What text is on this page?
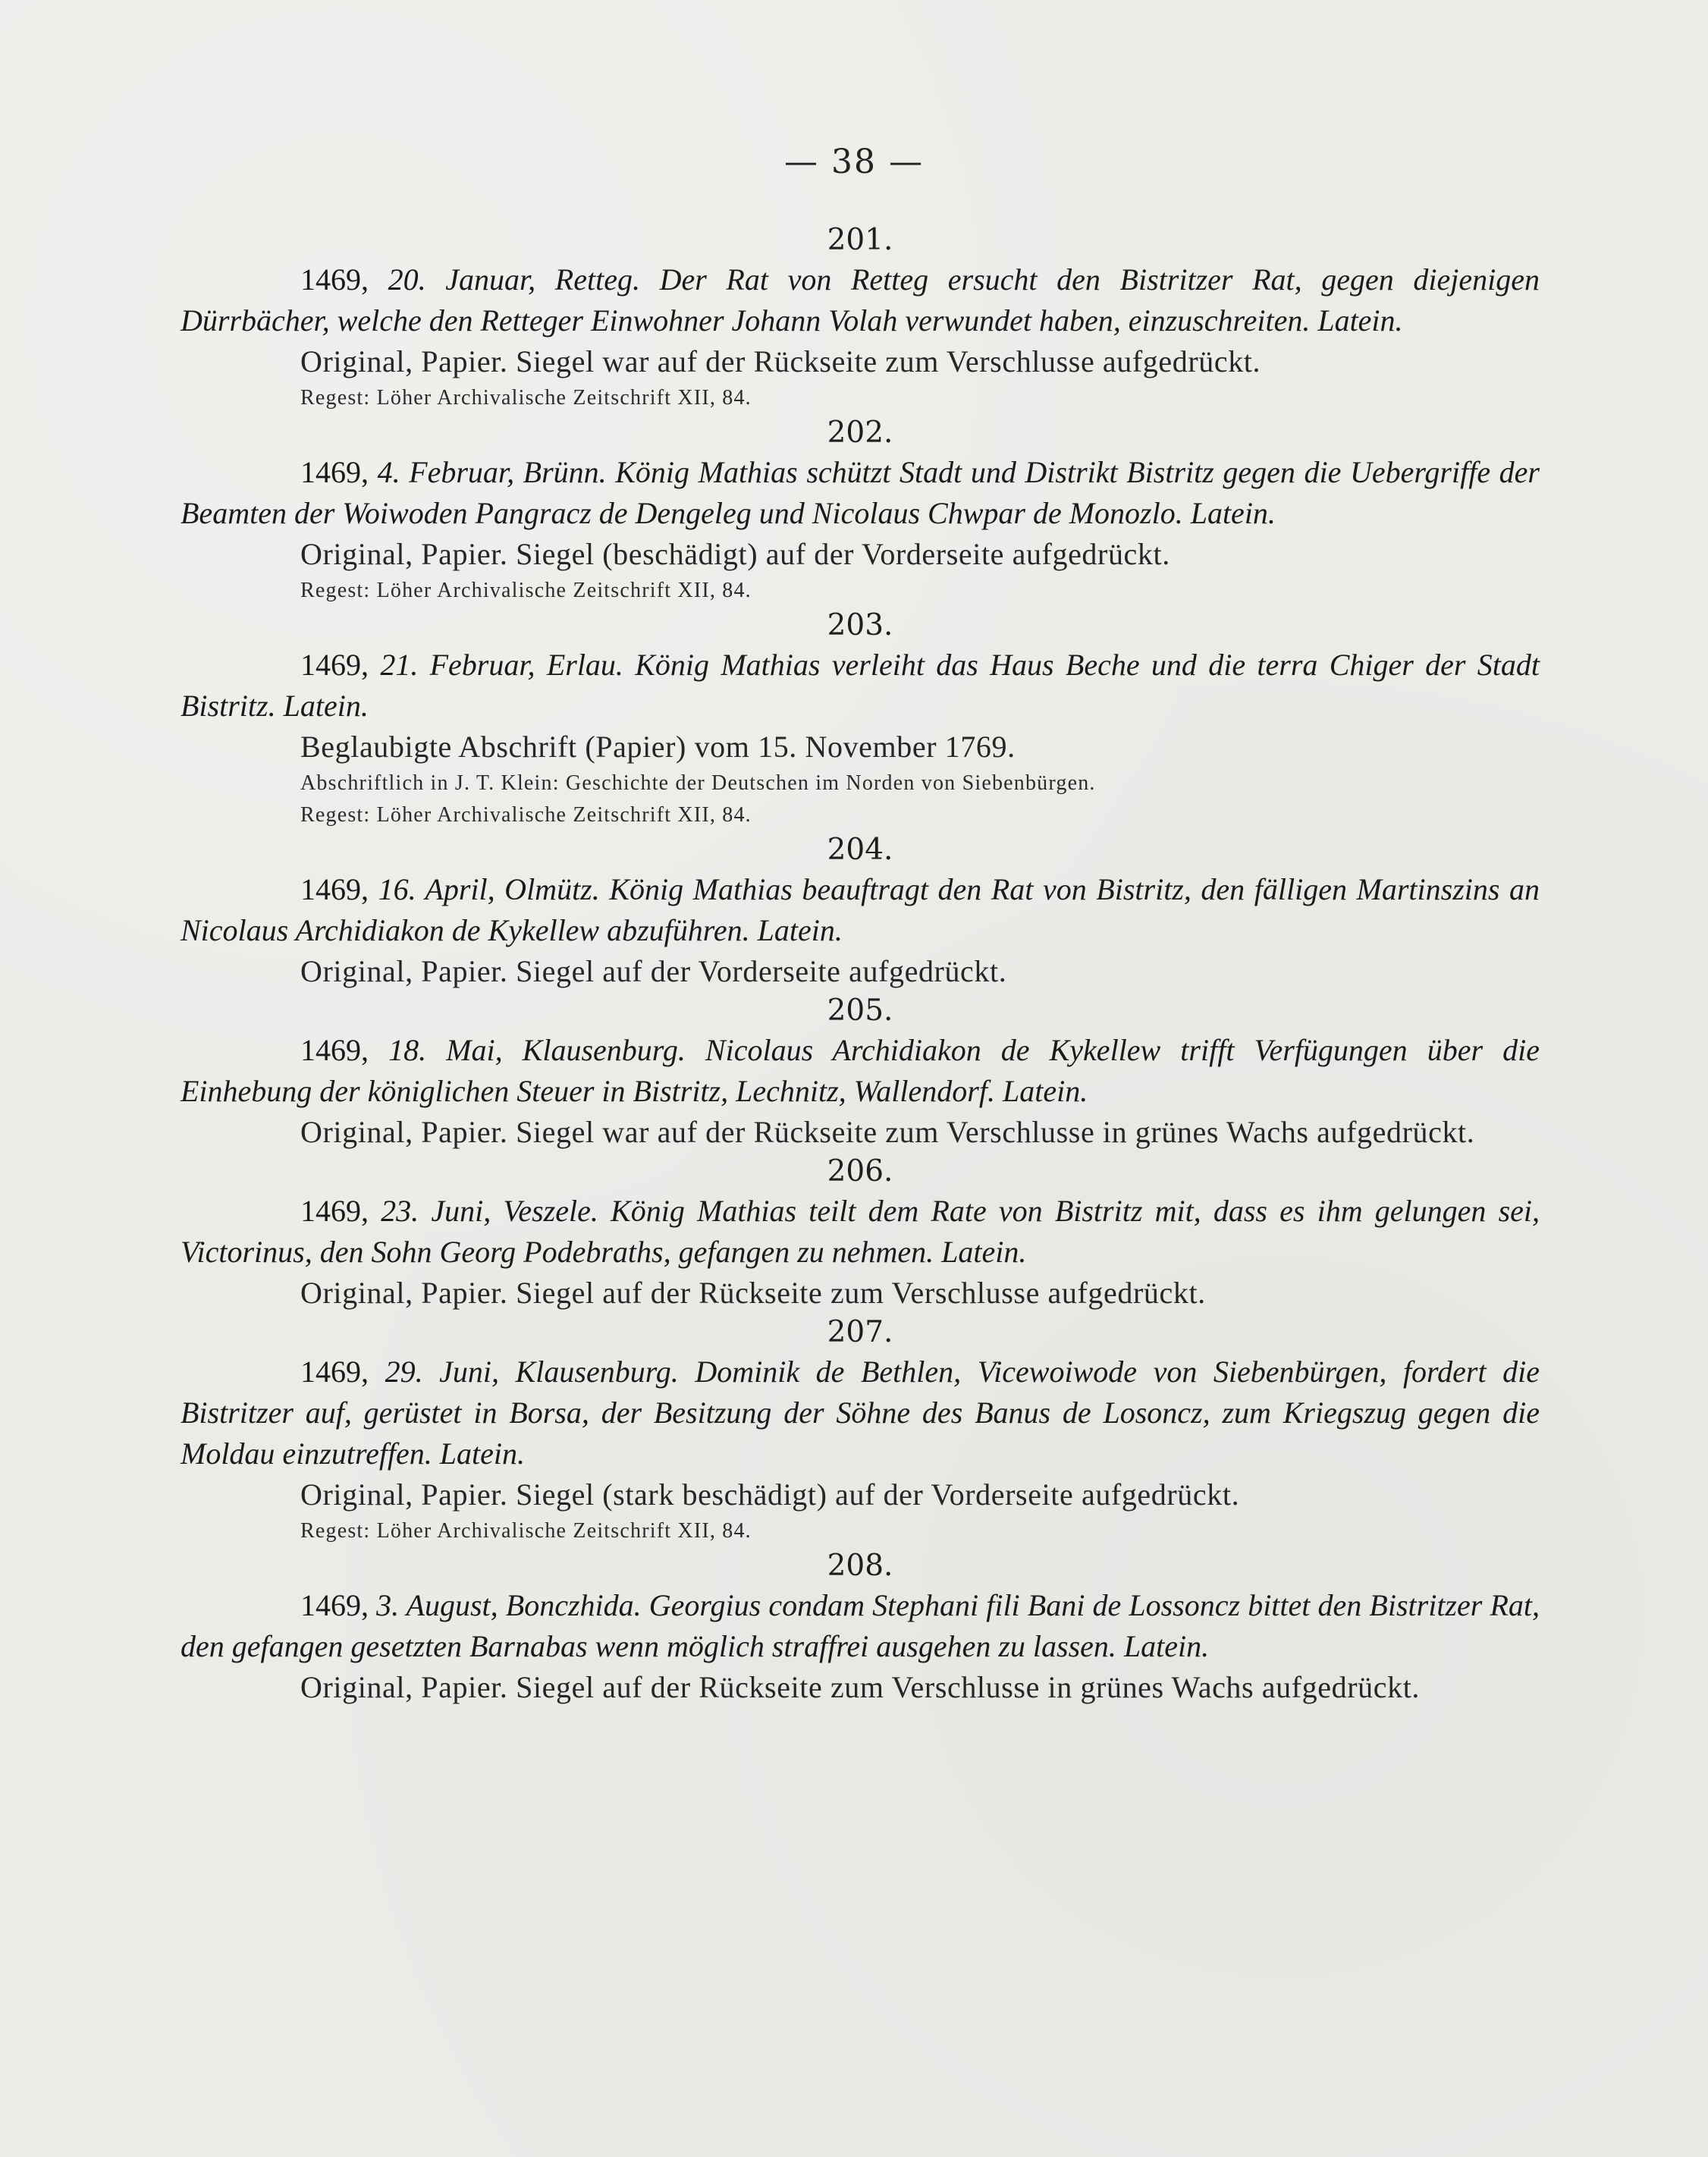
— 38 —
201.

1469, 20. Januar, Retteg. Der Rat von Retteg ersucht den Bistritzer Rat, gegen diejenigen Dürrbächer, welche den Retteger Einwohner Johann Volah verwundet haben, einzuschreiten. Latein.

Original, Papier. Siegel war auf der Rückseite zum Verschlusse aufgedrückt.

Regest: Löher Archivalische Zeitschrift XII, 84.

202.

1469, 4. Februar, Brünn. König Mathias schützt Stadt und Distrikt Bistritz gegen die Uebergriffe der Beamten der Woiwoden Pangracz de Dengeleg und Nicolaus Chwpar de Monozlo. Latein.

Original, Papier. Siegel (beschädigt) auf der Vorderseite aufgedrückt.

Regest: Löher Archivalische Zeitschrift XII, 84.

203.

1469, 21. Februar, Erlau. König Mathias verleiht das Haus Beche und die terra Chiger der Stadt Bistritz. Latein.

Beglaubigte Abschrift (Papier) vom 15. November 1769.

Abschriftlich in J. T. Klein: Geschichte der Deutschen im Norden von Siebenbürgen.

Regest: Löher Archivalische Zeitschrift XII, 84.

204.

1469, 16. April, Olmütz. König Mathias beauftragt den Rat von Bistritz, den fälligen Martinszins an Nicolaus Archidiakon de Kykellew abzuführen. Latein.

Original, Papier. Siegel auf der Vorderseite aufgedrückt.

205.

1469, 18. Mai, Klausenburg. Nicolaus Archidiakon de Kykellew trifft Verfügungen über die Einhebung der königlichen Steuer in Bistritz, Lechnitz, Wallendorf. Latein.

Original, Papier. Siegel war auf der Rückseite zum Verschlusse in grünes Wachs aufgedrückt.

206.

1469, 23. Juni, Veszele. König Mathias teilt dem Rate von Bistritz mit, dass es ihm gelungen sei, Victorinus, den Sohn Georg Podebraths, gefangen zu nehmen. Latein.

Original, Papier. Siegel auf der Rückseite zum Verschlusse aufgedrückt.

207.

1469, 29. Juni, Klausenburg. Dominik de Bethlen, Vicewoiwode von Siebenbürgen, fordert die Bistritzer auf, gerüstet in Borsa, der Besitzung der Söhne des Banus de Losoncz, zum Kriegszug gegen die Moldau einzutreffen. Latein.

Original, Papier. Siegel (stark beschädigt) auf der Vorderseite aufgedrückt.

Regest: Löher Archivalische Zeitschrift XII, 84.

208.

1469, 3. August, Bonczhida. Georgius condam Stephani fili Bani de Lossoncz bittet den Bistritzer Rat, den gefangen gesetzten Barnabas wenn möglich straffrei ausgehen zu lassen. Latein.

Original, Papier. Siegel auf der Rückseite zum Verschlusse in grünes Wachs aufgedrückt.
